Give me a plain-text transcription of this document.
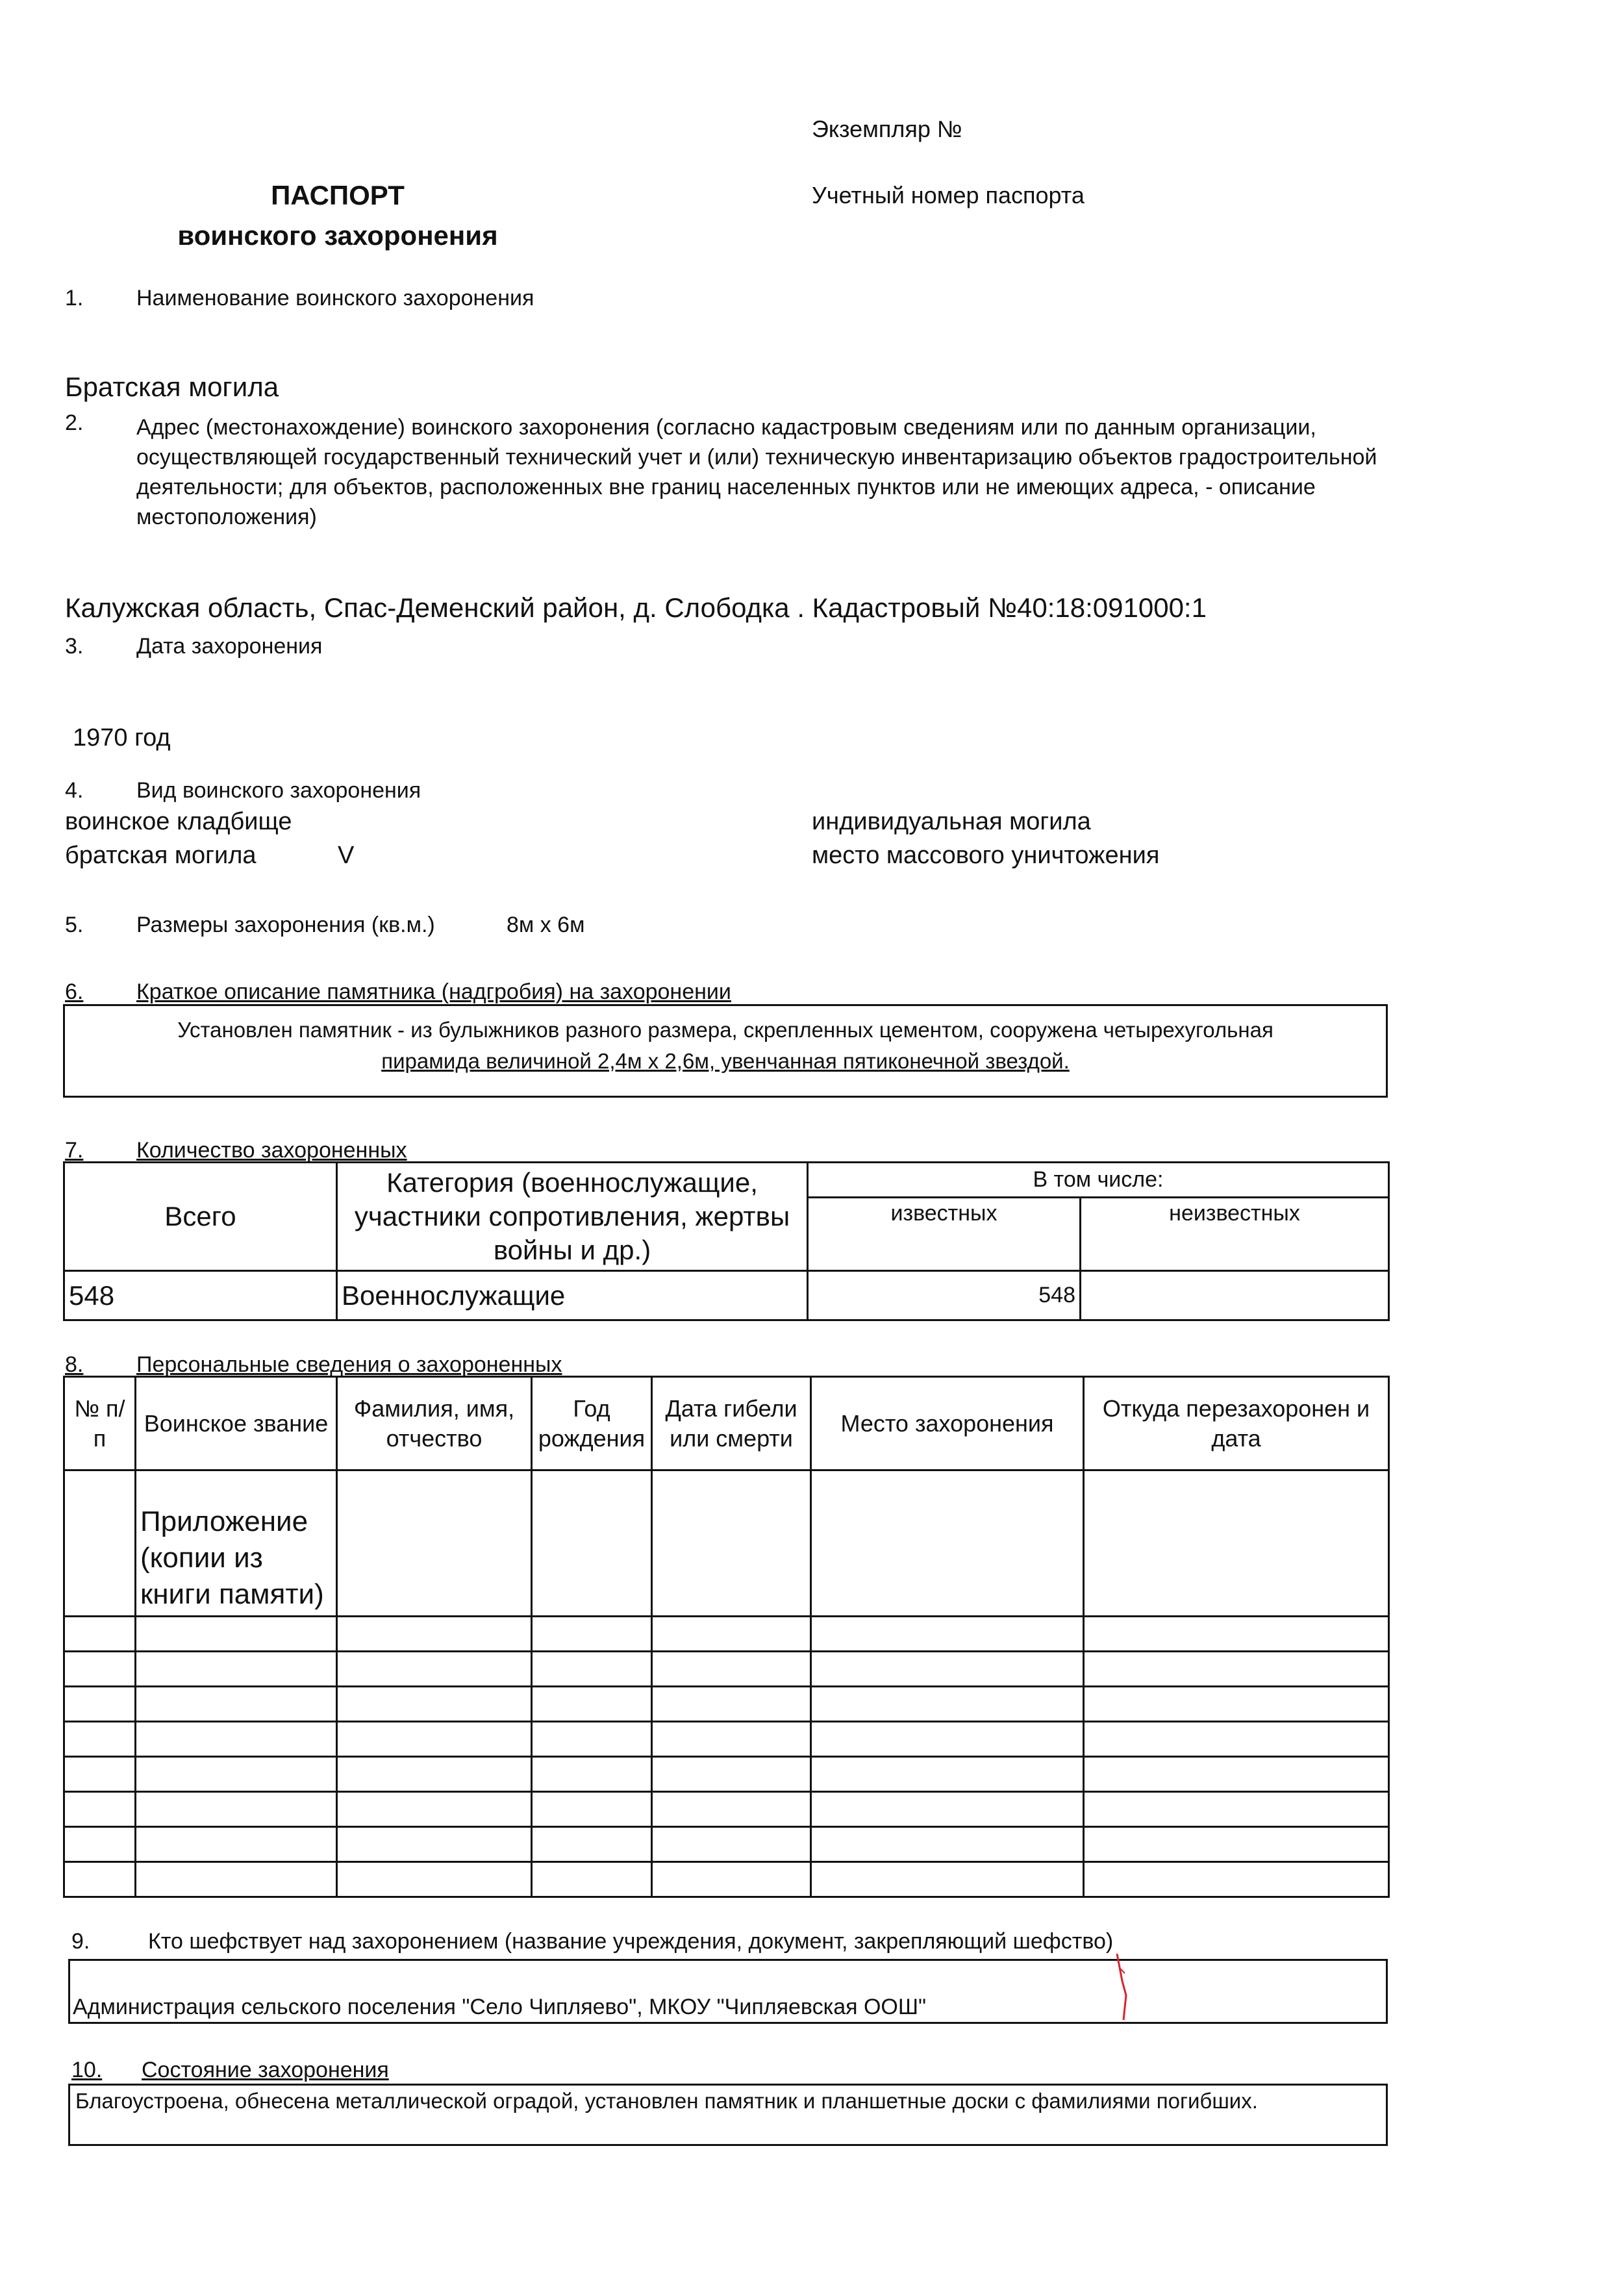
Экземпляр №
Учетный номер паспорта
ПАСПОРТ
воинского захоронения
1. Наименование воинского захоронения
Братская могила
2. Адрес (местонахождение) воинского захоронения (согласно кадастровым сведениям или по данным организации, осуществляющей государственный технический учет и (или) техническую инвентаризацию объектов градостроительной деятельности; для объектов, расположенных вне границ населенных пунктов или не имеющих адреса, - описание местоположения)
Калужская область, Спас-Деменский район, д. Слободка . Кадастровый №40:18:091000:1
3. Дата захоронения
1970 год
4. Вид воинского захоронения
воинское кладбище
братская могила	V
индивидуальная могила
место массового уничтожения
5. Размеры захоронения (кв.м.)	8м х 6м
6. Краткое описание памятника (надгробия) на захоронении
Установлен памятник - из булыжников разного размера, скрепленных цементом, сооружена четырехугольная
пирамида величиной 2,4м х 2,6м, увенчанная пятиконечной звездой.
7. Количество захороненных
Всего	Категория (военнослужащие, участники сопротивления, жертвы войны и др.)	В том числе:	
		известных	неизвестных
548	Военнослужащие	548	
8. Персональные сведения о захороненных
№ п/п	Воинское звание	Фамилия, имя, отчество	Год рождения	Дата гибели или смерти	Место захоронения	Откуда перезахоронен и дата
	Приложение (копии из книги памяти)					

9.	Кто шефствует над захоронением (название учреждения, документ, закрепляющий шефство)
Администрация сельского поселения "Село Чипляево", МКОУ "Чипляевская ООШ"
10. Состояние захоронения
Благоустроена, обнесена металлической оградой, установлен памятник и планшетные доски с фамилиями погибших.
